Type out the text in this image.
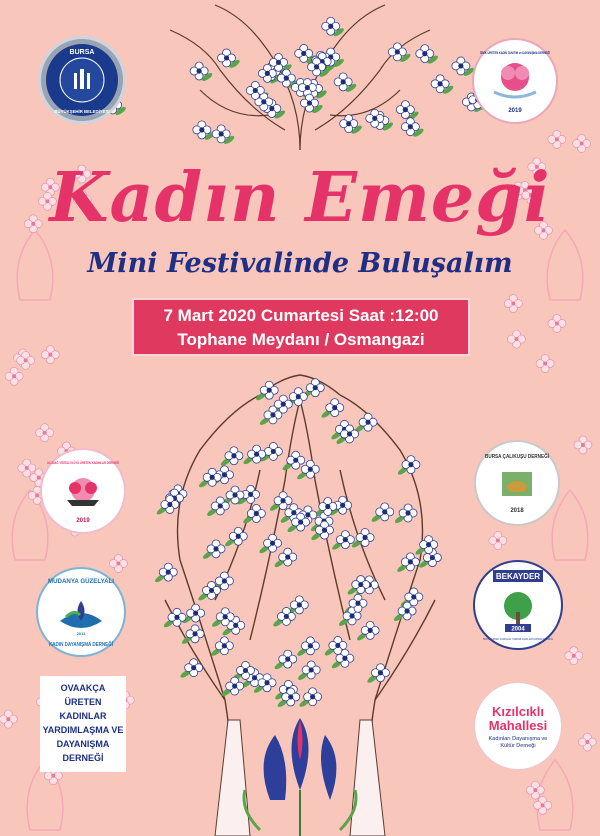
Kadın Emeği
Mini Festivalinde Buluşalım
7 Mart 2020 Cumartesi Saat :12:00
Tophane Meydanı / Osmangazi
BURSA
BÜYÜKŞEHİR BELEDİYESİ
İZNİK ÜRETEN KADIN TANITIM ve DAYANIŞMA DERNEĞİ
2019
ULUDAĞ YİĞİTALİ KÖYÜ ÜRETEN KADINLAR DERNEĞİ
2019
BURSA ÇALIKUŞU DERNEĞİ
2018
MUDANYA GÜZELYALI
2011
KADIN DAYANIŞMA DERNEĞİ
BEKAYDER
2004
BURSA ERKEK KADINLAR YARDIMLAŞMA DAYANIŞMA DERNEĞİ
OVAAKÇA
ÜRETEN KADINLAR
YARDIMLAŞMA VE
DAYANIŞMA
DERNEĞİ
Kızılcıklı
Mahallesi
Kadınları Dayanışma ve
Kültür Derneği
